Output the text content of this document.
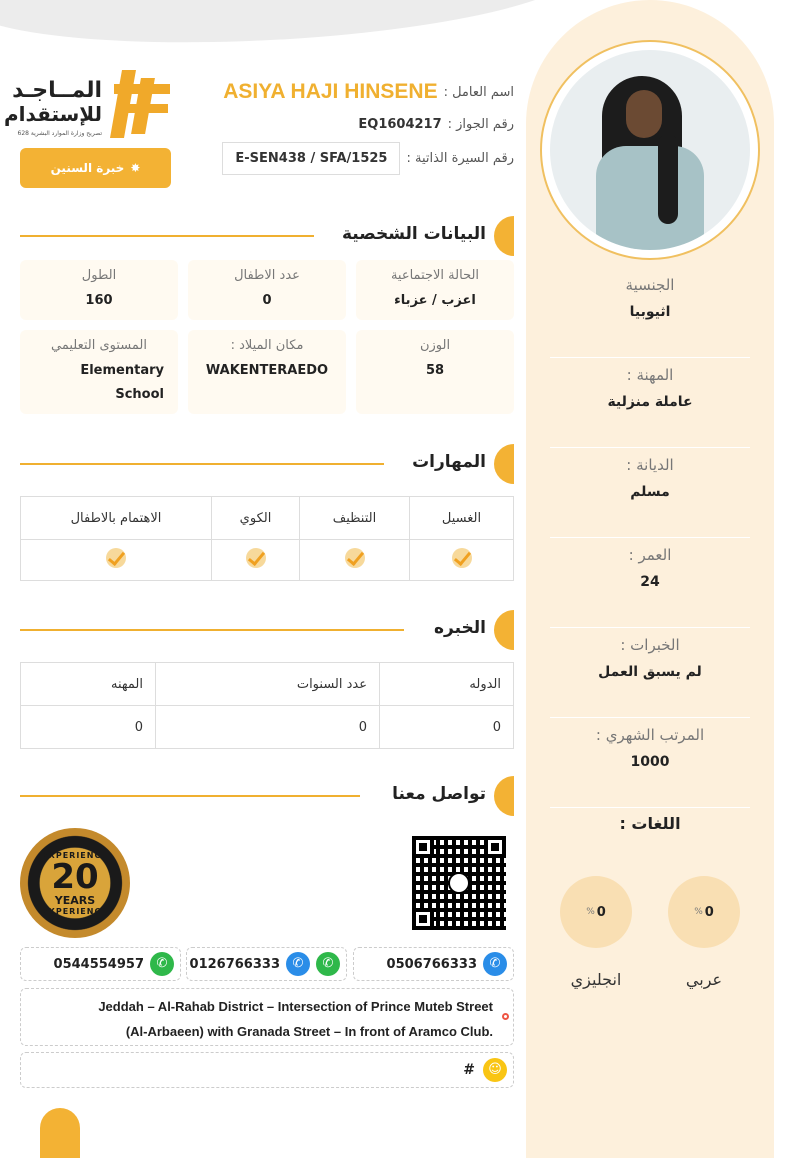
الجنسية
اثيوبيا
المهنة :
عاملة منزلية
الديانة :
مسلم
العمر :
24
الخبرات :
لم يسبق العمل
المرتب الشهري :
1000
اللغات :
% 0
عربي
% 0
انجليزي
المــاجـد
للإستقدام
تصريح وزارة الموارد البشرية 628
✸
خبرة السنين
اسم العامل :
ASIYA HAJI HINSENE
رقم الجواز :
EQ1604217
رقم السيرة الذاتية :
E-SEN438 / SFA/1525
البيانات الشخصية
الحالة الاجتماعية
اعزب / عزباء
عدد الاطفال
0
الطول
160
الوزن
58
مكان الميلاد :
WAKENTERAEDO
المستوى التعليمي
Elementary School
المهارات
الغسيل	التنظيف	الكوي	الاهتمام بالاطفال

الخبره
الدوله	عدد السنوات	المهنه
0	0	0
تواصل معنا
EXPERIENCE
20
YEARS
EXPERIENCE
0506766333 ✆
0126766333 ✆	✆
0544554957 ✆
Jeddah – Al-Rahab District – Intersection of Prince Muteb Street
(Al-Arbaeen) with Granada Street – In front of Aramco Club.
#	☺
